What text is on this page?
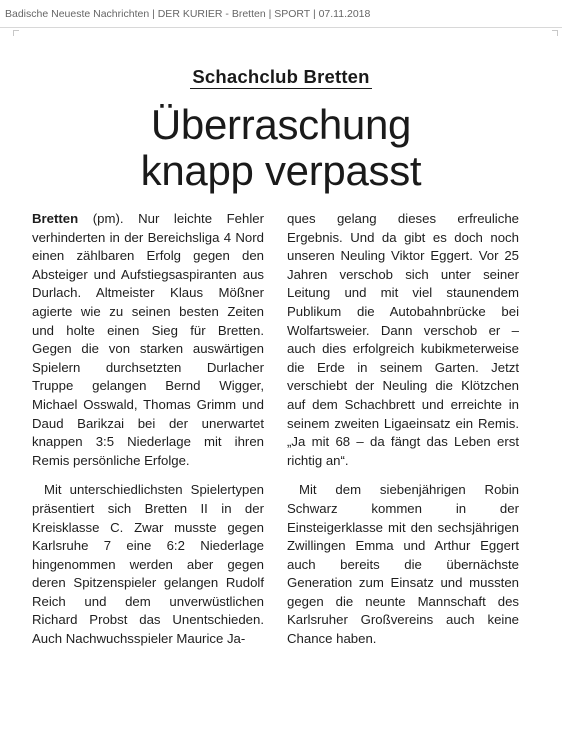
Badische Neueste Nachrichten | DER KURIER - Bretten | SPORT | 07.11.2018
Schachclub Bretten
Überraschung
knapp verpasst

Bretten (pm). Nur leichte Fehler verhinderten in der Bereichsliga 4 Nord einen zählbaren Erfolg gegen den Absteiger und Aufstiegsaspiranten aus Durlach. Altmeister Klaus Mößner agierte wie zu seinen besten Zeiten und holte einen Sieg für Bretten. Gegen die von starken auswärtigen Spielern durchsetzten Durlacher Truppe gelangen Bernd Wigger, Michael Osswald, Thomas Grimm und Daud Barikzai bei der unerwartet knappen 3:5 Niederlage mit ihren Remis persönliche Erfolge.

Mit unterschiedlichsten Spielertypen präsentiert sich Bretten II in der Kreisklasse C. Zwar musste gegen Karlsruhe 7 eine 6:2 Niederlage hingenommen werden aber gegen deren Spitzenspieler gelangen Rudolf Reich und dem unverwüstlichen Richard Probst das Unentschieden. Auch Nachwuchsspieler Maurice Ja-

ques gelang dieses erfreuliche Ergebnis. Und da gibt es doch noch unseren Neuling Viktor Eggert. Vor 25 Jahren verschob sich unter seiner Leitung und mit viel staunendem Publikum die Autobahnbrücke bei Wolfartsweier. Dann verschob er – auch dies erfolgreich kubikmeterweise die Erde in seinem Garten. Jetzt verschiebt der Neuling die Klötzchen auf dem Schachbrett und erreichte in seinem zweiten Ligaeinsatz ein Remis. „Ja mit 68 – da fängt das Leben erst richtig an“.

Mit dem siebenjährigen Robin Schwarz kommen in der Einsteigerklasse mit den sechsjährigen Zwillingen Emma und Arthur Eggert auch bereits die übernächste Generation zum Einsatz und mussten gegen die neunte Mannschaft des Karlsruher Großvereins auch keine Chance haben.
